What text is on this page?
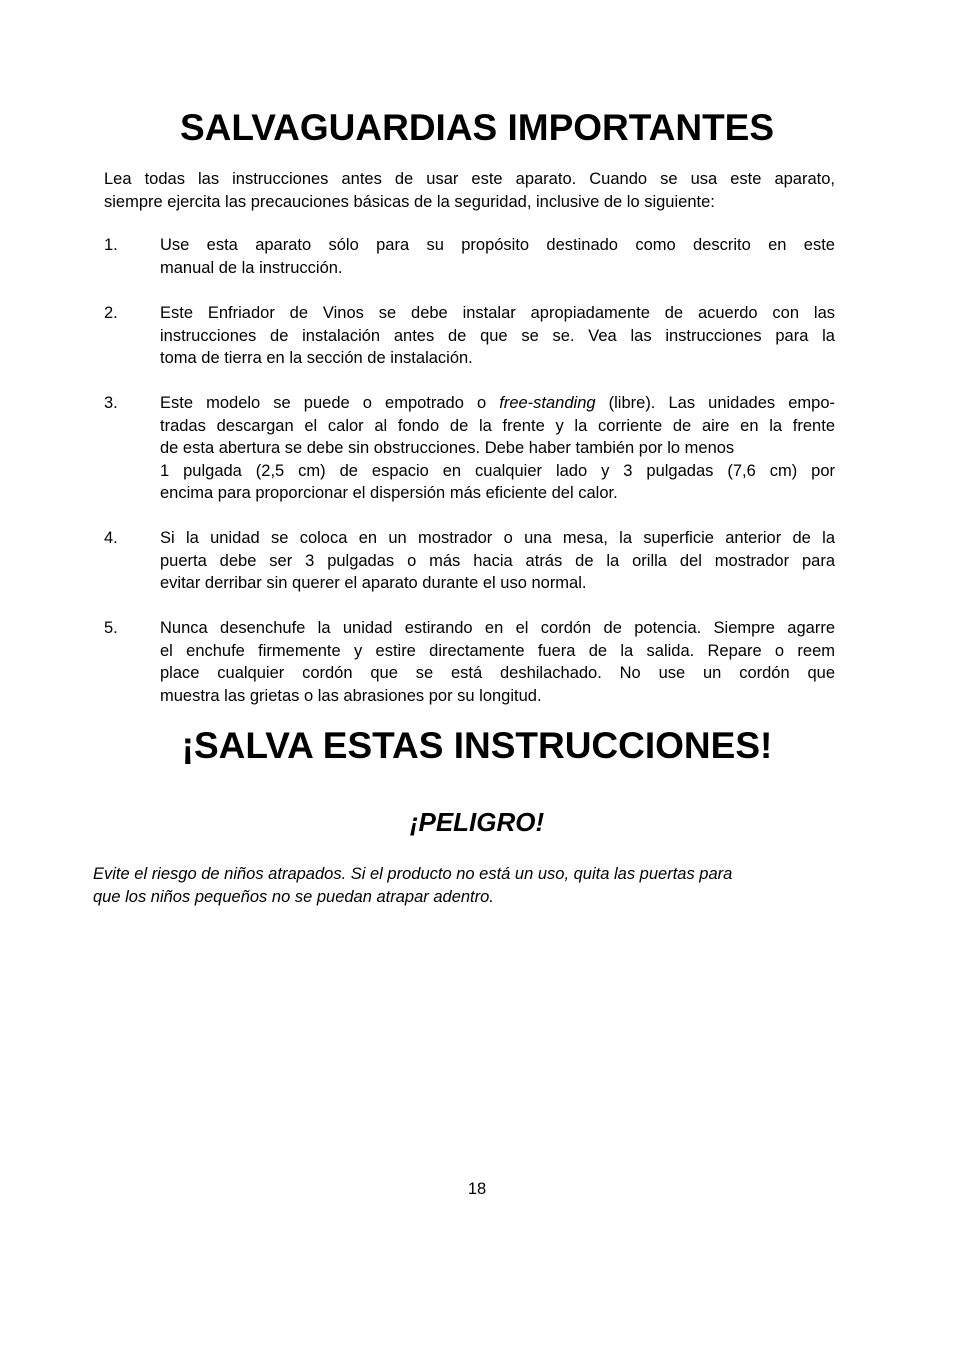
SALVAGUARDIAS IMPORTANTES

Lea todas las instrucciones antes de usar este aparato. Cuando se usa este aparato,
siempre ejercita las precauciones básicas de la seguridad, inclusive de lo siguiente:

1.	Use esta aparato sólo para su propósito destinado como descrito en este
manual de la instrucción.

2.	Este Enfriador de Vinos se debe instalar apropiadamente de acuerdo con las
instrucciones de instalación antes de que se se. Vea las instrucciones para la
toma de tierra en la sección de instalación.

3.	Este modelo se puede o empotrado o free-standing (libre). Las unidades empo-
tradas descargan el calor al fondo de la frente y la corriente de aire en la frente
de esta abertura se debe sin obstrucciones. Debe haber también por lo menos
1 pulgada (2,5 cm) de espacio en cualquier lado y 3 pulgadas (7,6 cm) por
encima para proporcionar el dispersión más eficiente del calor.

4.	Si la unidad se coloca en un mostrador o una mesa, la superficie anterior de la
puerta debe ser 3 pulgadas o más hacia atrás de la orilla del mostrador para
evitar derribar sin querer el aparato durante el uso normal.

5.	Nunca desenchufe la unidad estirando en el cordón de potencia. Siempre agarre
el enchufe firmemente y estire directamente fuera de la salida. Repare o reem
place cualquier cordón que se está deshilachado. No use un cordón que
muestra las grietas o las abrasiones por su longitud.

¡SALVA ESTAS INSTRUCCIONES!
¡PELIGRO!

Evite el riesgo de niños atrapados. Si el producto no está un uso, quita las puertas para
que los niños pequeños no se puedan atrapar adentro.

18
